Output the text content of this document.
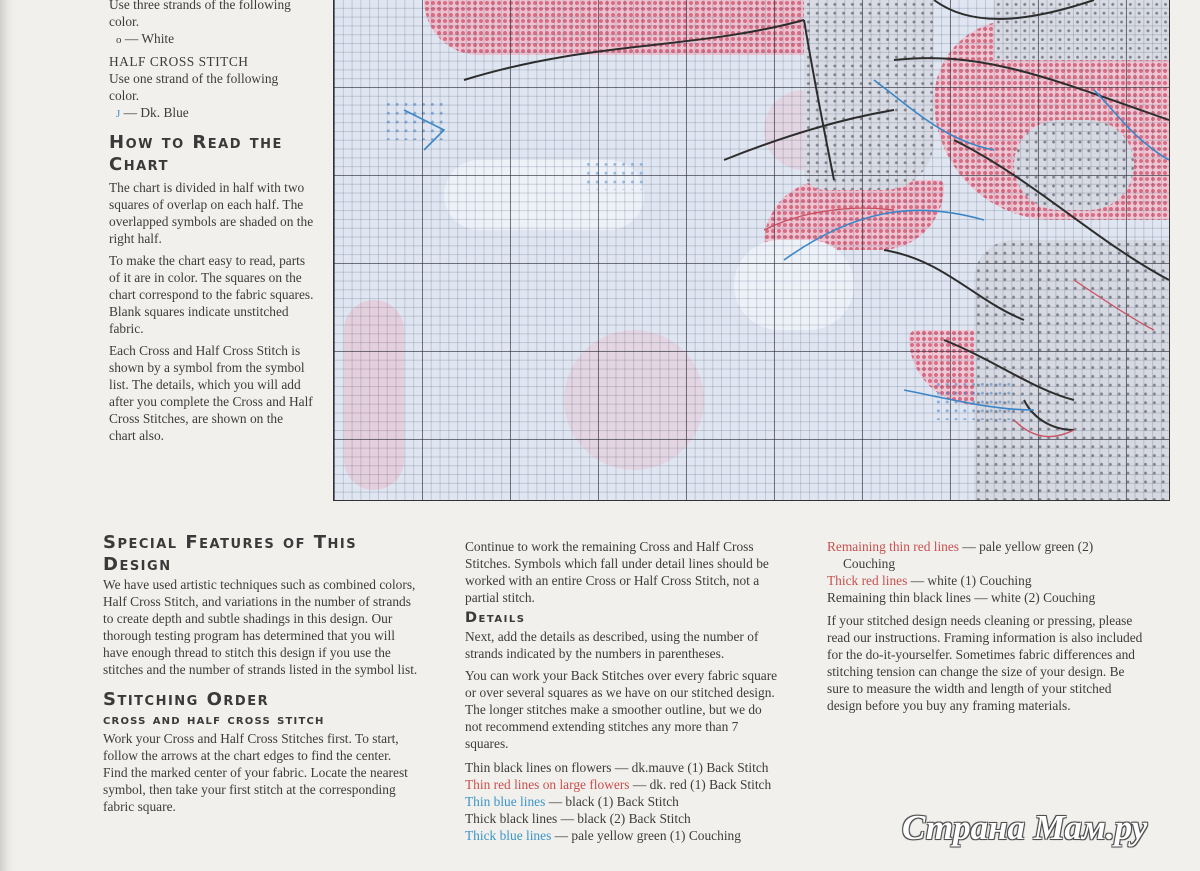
Use three strands of the following

color.

o — White

HALF CROSS STITCH

Use one strand of the following

color.

J — Dk. Blue

How to Read the

Chart

The chart is divided in half with two

squares of overlap on each half. The

overlapped symbols are shaded on the

right half.

To make the chart easy to read, parts

of it are in color. The squares on the

chart correspond to the fabric squares.

Blank squares indicate unstitched

fabric.

Each Cross and Half Cross Stitch is

shown by a symbol from the symbol

list. The details, which you will add

after you complete the Cross and Half

Cross Stitches, are shown on the

chart also.

Special Features of This

Design

We have used artistic techniques such as combined colors,

Half Cross Stitch, and variations in the number of strands

to create depth and subtle shadings in this design. Our

thorough testing program has determined that you will

have enough thread to stitch this design if you use the

stitches and the number of strands listed in the symbol list.

Stitching Order

cross and half cross stitch

Work your Cross and Half Cross Stitches first. To start,

follow the arrows at the chart edges to find the center.

Find the marked center of your fabric. Locate the nearest

symbol, then take your first stitch at the corresponding

fabric square.

Continue to work the remaining Cross and Half Cross

Stitches. Symbols which fall under detail lines should be

worked with an entire Cross or Half Cross Stitch, not a

partial stitch.

Details

Next, add the details as described, using the number of

strands indicated by the numbers in parentheses.

You can work your Back Stitches over every fabric square

or over several squares as we have on our stitched design.

The longer stitches make a smoother outline, but we do

not recommend extending stitches any more than 7

squares.

Thin black lines on flowers — dk.mauve (1) Back Stitch

Thin red lines on large flowers — dk. red (1) Back Stitch

Thin blue lines — black (1) Back Stitch

Thick black lines — black (2) Back Stitch

Thick blue lines — pale yellow green (1) Couching

Remaining thin red lines — pale yellow green (2)

Couching

Thick red lines — white (1) Couching

Remaining thin black lines — white (2) Couching

If your stitched design needs cleaning or pressing, please

read our instructions. Framing information is also included

for the do-it-yourselfer. Sometimes fabric differences and

stitching tension can change the size of your design. Be

sure to measure the width and length of your stitched

design before you buy any framing materials.

Страна Мам.ру
